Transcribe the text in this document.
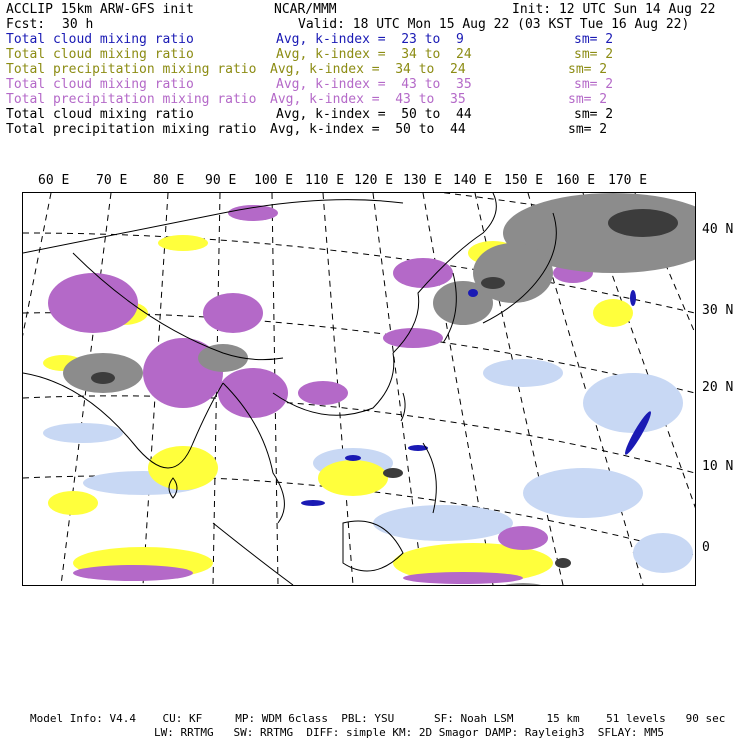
ACCLIP 15km ARW-GFS init	NCAR/MMM	Init: 12 UTC Sun 14 Aug 22
Fcst: 30 h	Valid: 18 UTC Mon 15 Aug 22 (03 KST Tue 16 Aug 22)
Total cloud mixing ratio	Avg, k-index =  23 to  9	sm= 2
Total cloud mixing ratio	Avg, k-index =  34 to  24	sm= 2
Total precipitation mixing ratio Avg, k-index =  34 to  24	sm= 2
Total cloud mixing ratio	Avg, k-index =  43 to  35	sm= 2
Total precipitation mixing ratio Avg, k-index =  43 to  35	sm= 2
Total cloud mixing ratio	Avg, k-index =  50 to  44	sm= 2
Total precipitation mixing ratio Avg, k-index =  50 to  44	sm= 2
60 E 70 E 80 E 90 E 100 E 110 E 120 E 130 E 140 E 150 E 160 E 170 E
40 N
30 N
20 N
10 N
0
Model Info: V4.4    CU: KF     MP: WDM 6class  PBL: YSU      SF: Noah LSM     15 km    51 levels   90 sec
LW: RRTMG   SW: RRTMG  DIFF: simple KM: 2D Smagor DAMP: Rayleigh3  SFLAY: MM5
